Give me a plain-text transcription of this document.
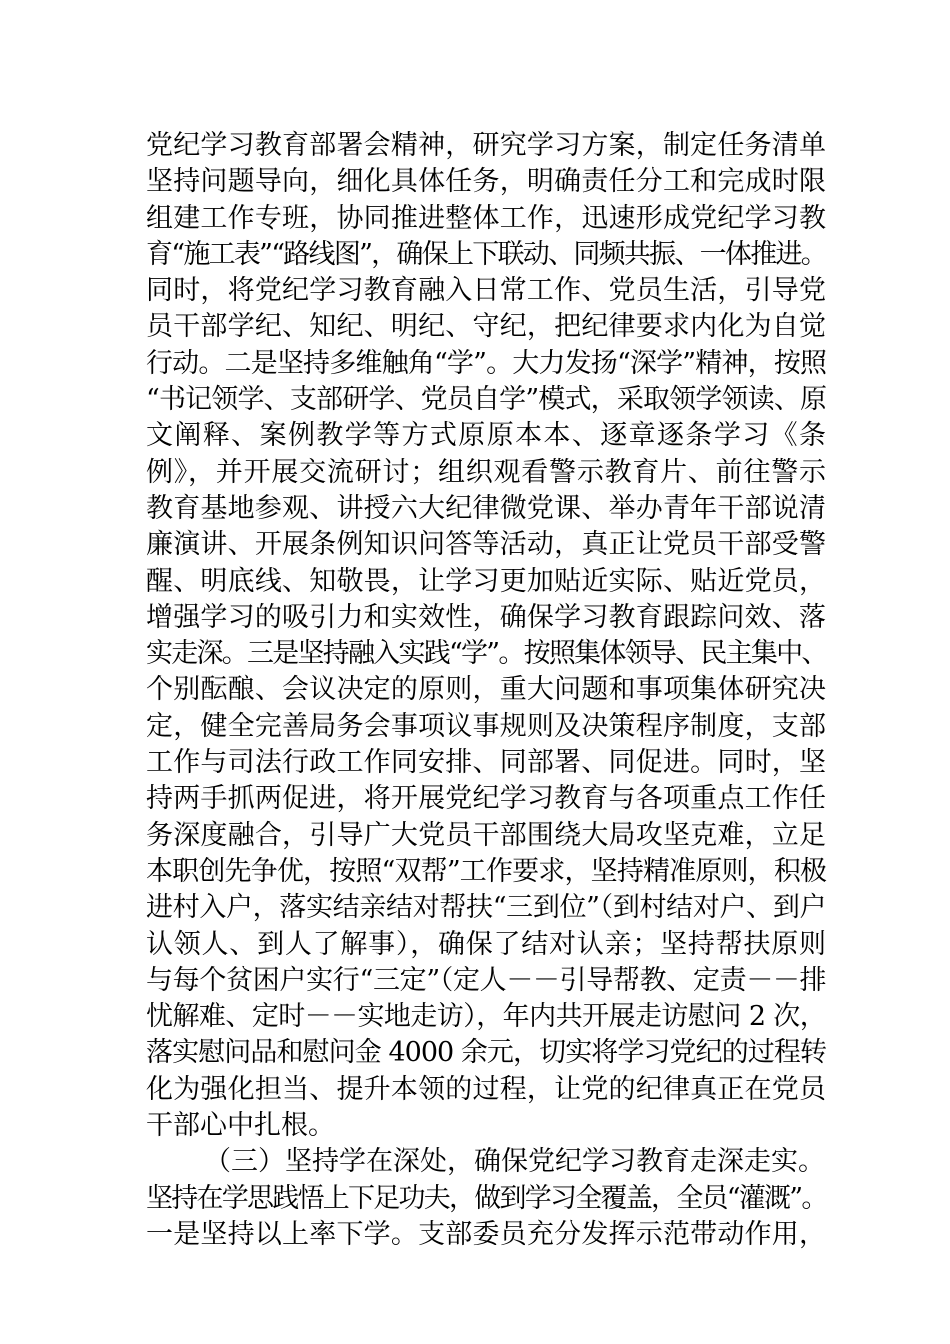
党纪学习教育部署会精神，研究学习方案，制定任务清单
坚持问题导向，细化具体任务，明确责任分工和完成时限
组建工作专班，协同推进整体工作，迅速形成党纪学习教
育“施工表”“路线图”，确保上下联动、同频共振、一体推进。
同时，将党纪学习教育融入日常工作、党员生活，引导党
员干部学纪、知纪、明纪、守纪，把纪律要求内化为自觉
行动。二是坚持多维触角“学”。大力发扬“深学”精神，按照
“书记领学、支部研学、党员自学”模式，采取领学领读、原
文阐释、案例教学等方式原原本本、逐章逐条学习《条
例》，并开展交流研讨；组织观看警示教育片、前往警示
教育基地参观、讲授六大纪律微党课、举办青年干部说清
廉演讲、开展条例知识问答等活动，真正让党员干部受警
醒、明底线、知敬畏，让学习更加贴近实际、贴近党员，
增强学习的吸引力和实效性，确保学习教育跟踪问效、落
实走深。三是坚持融入实践“学”。按照集体领导、民主集中、
个别酝酿、会议决定的原则，重大问题和事项集体研究决
定，健全完善局务会事项议事规则及决策程序制度，支部
工作与司法行政工作同安排、同部署、同促进。同时，坚
持两手抓两促进，将开展党纪学习教育与各项重点工作任
务深度融合，引导广大党员干部围绕大局攻坚克难，立足
本职创先争优，按照“双帮”工作要求，坚持精准原则，积极
进村入户，落实结亲结对帮扶“三到位”（到村结对户、到户
认领人、到人了解事），确保了结对认亲；坚持帮扶原则
与每个贫困户实行“三定”（定人－－引导帮教、定责－－排
忧解难、定时－－实地走访），年内共开展走访慰问 2 次，
落实慰问品和慰问金 4000 余元，切实将学习党纪的过程转
化为强化担当、提升本领的过程，让党的纪律真正在党员
干部心中扎根。
（三）坚持学在深处，确保党纪学习教育走深走实。
坚持在学思践悟上下足功夫，做到学习全覆盖，全员“灌溉”。
一是坚持以上率下学。支部委员充分发挥示范带动作用，
